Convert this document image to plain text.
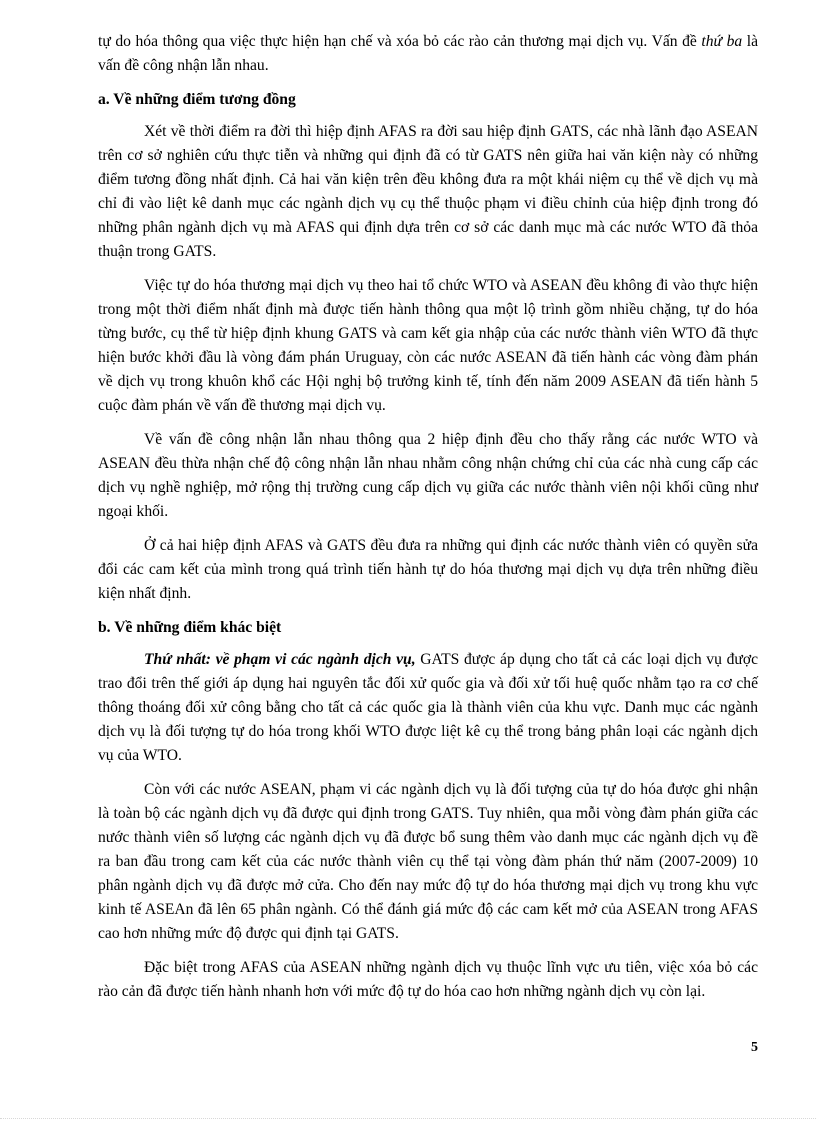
tự do hóa thông qua việc thực hiện hạn chế và xóa bỏ các rào cản thương mại dịch vụ. Vấn đề thứ ba là vấn đề công nhận lẫn nhau.

a. Về những điểm tương đồng

Xét về thời điểm ra đời thì hiệp định AFAS ra đời sau hiệp định GATS, các nhà lãnh đạo ASEAN trên cơ sở nghiên cứu thực tiễn và những qui định đã có từ GATS nên giữa hai văn kiện này có những điểm tương đồng nhất định. Cả hai văn kiện trên đều không đưa ra một khái niệm cụ thể về dịch vụ mà chỉ đi vào liệt kê danh mục các ngành dịch vụ cụ thể thuộc phạm vi điều chỉnh của hiệp định trong đó những phân ngành dịch vụ mà AFAS qui định dựa trên cơ sở các danh mục mà các nước WTO đã thỏa thuận trong GATS.

Việc tự do hóa thương mại dịch vụ theo hai tổ chức WTO và ASEAN đều không đi vào thực hiện trong một thời điểm nhất định mà được tiến hành thông qua một lộ trình gồm nhiều chặng, tự do hóa từng bước, cụ thể từ hiệp định khung GATS và cam kết gia nhập của các nước thành viên WTO đã thực hiện bước khởi đầu là vòng đám phán Uruguay, còn các nước ASEAN đã tiến hành các vòng đàm phán về dịch vụ trong khuôn khổ các Hội nghị bộ trưởng kinh tế, tính đến năm 2009 ASEAN đã tiến hành 5 cuộc đàm phán về vấn đề thương mại dịch vụ.

Về vấn đề công nhận lẫn nhau thông qua 2 hiệp định đều cho thấy rằng các nước WTO và ASEAN đều thừa nhận chế độ công nhận lẫn nhau nhằm công nhận chứng chỉ của các nhà cung cấp các dịch vụ nghề nghiệp, mở rộng thị trường cung cấp dịch vụ giữa các nước thành viên nội khối cũng như ngoại khối.

Ở cả hai hiệp định AFAS và GATS đều đưa ra những qui định các nước thành viên có quyền sửa đổi các cam kết của mình trong quá trình tiến hành tự do hóa thương mại dịch vụ dựa trên những điều kiện nhất định.

b. Về những điểm khác biệt

Thứ nhất: về phạm vi các ngành dịch vụ, GATS được áp dụng cho tất cả các loại dịch vụ được trao đổi trên thế giới áp dụng hai nguyên tắc đối xử quốc gia và đối xử tối huệ quốc nhằm tạo ra cơ chế thông thoáng đối xử công bằng cho tất cả các quốc gia là thành viên của khu vực. Danh mục các ngành dịch vụ là đối tượng tự do hóa trong khối WTO được liệt kê cụ thể trong bảng phân loại các ngành dịch vụ của WTO.

Còn với các nước ASEAN, phạm vi các ngành dịch vụ là đối tượng của tự do hóa được ghi nhận là toàn bộ các ngành dịch vụ đã được qui định trong GATS. Tuy nhiên, qua mỗi vòng đàm phán giữa các nước thành viên số lượng các ngành dịch vụ đã được bổ sung thêm vào danh mục các ngành dịch vụ đề ra ban đầu trong cam kết của các nước thành viên cụ thể tại vòng đàm phán thứ năm (2007-2009) 10 phân ngành dịch vụ đã được mở cửa. Cho đến nay mức độ tự do hóa thương mại dịch vụ trong khu vực kinh tế ASEAn đã lên 65 phân ngành. Có thể đánh giá mức độ các cam kết mở của ASEAN trong AFAS cao hơn những mức độ được qui định tại GATS.

Đặc biệt trong AFAS của ASEAN những ngành dịch vụ thuộc lĩnh vực ưu tiên, việc xóa bỏ các rào cản đã được tiến hành nhanh hơn với mức độ tự do hóa cao hơn những ngành dịch vụ còn lại.

5
